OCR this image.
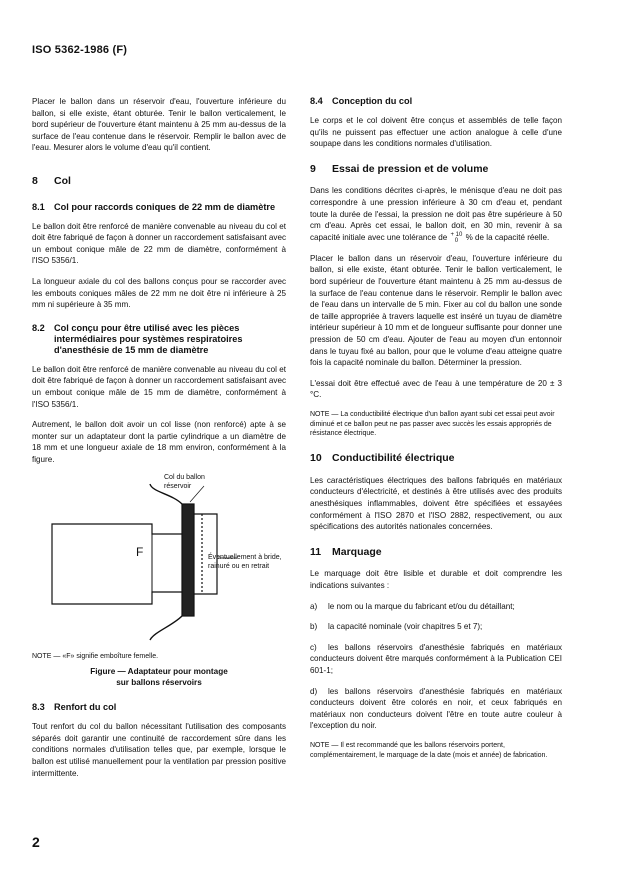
ISO 5362-1986 (F)

Placer le ballon dans un réservoir d'eau, l'ouverture inférieure du ballon, si elle existe, étant obturée. Tenir le ballon verticalement, le bord supérieur de l'ouverture étant maintenu à 25 mm au-dessus de la surface de l'eau contenue dans le réservoir. Remplir le ballon avec de l'eau. Mesurer alors le volume d'eau qu'il contient.

8 Col
8.1	Col pour raccords coniques de 22 mm de diamètre

Le ballon doit être renforcé de manière convenable au niveau du col et doit être fabriqué de façon à donner un raccordement satisfaisant avec un embout conique mâle de 22 mm de diamètre, conformément à l'ISO 5356/1.

La longueur axiale du col des ballons conçus pour se raccorder avec les embouts coniques mâles de 22 mm ne doit être ni inférieure à 25 mm ni supérieure à 35 mm.

8.2	Col conçu pour être utilisé avec les pièces intermédiaires pour systèmes respiratoires d'anesthésie de 15 mm de diamètre

Le ballon doit être renforcé de manière convenable au niveau du col et doit être fabriqué de façon à donner un raccordement satisfaisant avec un embout conique mâle de 15 mm de diamètre, conformément à l'ISO 5356/1.

Autrement, le ballon doit avoir un col lisse (non renforcé) apte à se monter sur un adaptateur dont la partie cylindrique a un diamètre de 18 mm et une longueur axiale de 18 mm environ, conformément à la figure.

F
Col du ballon réservoir
Éventuellement à bride, rainuré ou en retrait
NOTE — «F» signifie emboîture femelle.
Figure — Adaptateur pour montage
sur ballons réservoirs
8.3 Renfort du col

Tout renfort du col du ballon nécessitant l'utilisation des composants séparés doit garantir une continuité de raccordement sûre dans les conditions normales d'utilisation telles que, par exemple, lorsque le ballon est utilisé manuellement pour la ventilation par pression positive intermittente.

8.4 Conception du col

Le corps et le col doivent être conçus et assemblés de telle façon qu'ils ne puissent pas effectuer une action analogue à celle d'une soupape dans les conditions normales d'utilisation.

9 Essai de pression et de volume

Dans les conditions décrites ci-après, le ménisque d'eau ne doit pas correspondre à une pression inférieure à 30 cm d'eau et, pendant toute la durée de l'essai, la pression ne doit pas être supérieure à 50 cm d'eau. Après cet essai, le ballon doit, en 30 min, revenir à sa capacité initiale avec une tolérance de + 10
0 % de la capacité réelle.

Placer le ballon dans un réservoir d'eau, l'ouverture inférieure du ballon, si elle existe, étant obturée. Tenir le ballon verticalement, le bord supérieur de l'ouverture étant maintenu à 25 mm au-dessus de la surface de l'eau contenue dans le réservoir. Remplir le ballon avec de l'eau dans un intervalle de 5 min. Fixer au col du ballon une sonde de taille appropriée à travers laquelle est inséré un tuyau de diamètre intérieur supérieur à 10 mm et de longueur suffisante pour donner une pression de 50 cm d'eau. Ajouter de l'eau au moyen d'un entonnoir dans le tuyau fixé au ballon, pour que le volume d'eau atteigne quatre fois la capacité nominale du ballon. Déterminer la pression.

L'essai doit être effectué avec de l'eau à une température de 20 ± 3 °C.

NOTE — La conductibilité électrique d'un ballon ayant subi cet essai peut avoir diminué et ce ballon peut ne pas passer avec succès les essais appropriés de résistance électrique.
10 Conductibilité électrique

Les caractéristiques électriques des ballons fabriqués en matériaux conducteurs d'électricité, et destinés à être utilisés avec des produits anesthésiques inflammables, doivent être spécifiées et essayées conformément à l'ISO 2870 et l'ISO 2882, respectivement, ou aux spécifications des autorités nationales concernées.

11 Marquage

Le marquage doit être lisible et durable et doit comprendre les indications suivantes :

a) le nom ou la marque du fabricant et/ou du détaillant;
b) la capacité nominale (voir chapitres 5 et 7);
c) les ballons réservoirs d'anesthésie fabriqués en matériaux conducteurs doivent être marqués conformément à la Publication CEI 601-1;
d) les ballons réservoirs d'anesthésie fabriqués en matériaux conducteurs doivent être colorés en noir, et ceux fabriqués en matériaux non conducteurs doivent l'être en toute autre couleur à l'exception du noir.
NOTE — Il est recommandé que les ballons réservoirs portent, complémentairement, le marquage de la date (mois et année) de fabrication.
2
